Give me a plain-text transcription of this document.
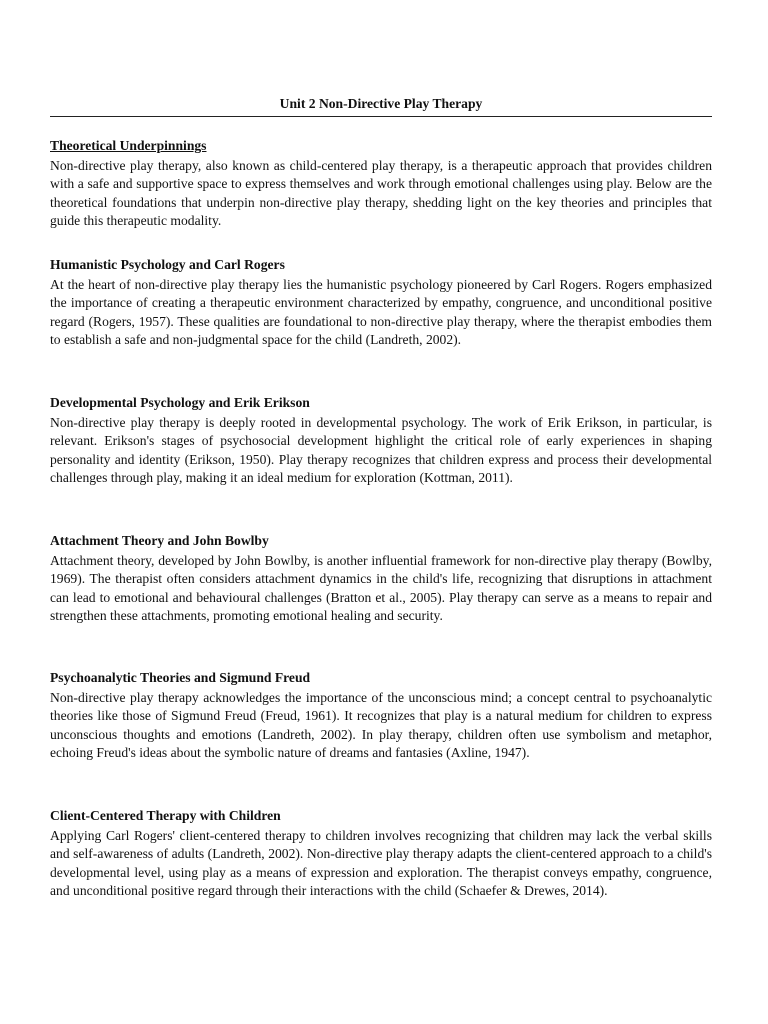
Unit 2 Non-Directive Play Therapy
Theoretical Underpinnings

Non-directive play therapy, also known as child-centered play therapy, is a therapeutic approach that provides children with a safe and supportive space to express themselves and work through emotional challenges using play. Below are the theoretical foundations that underpin non-directive play therapy, shedding light on the key theories and principles that guide this therapeutic modality.

Humanistic Psychology and Carl Rogers

At the heart of non-directive play therapy lies the humanistic psychology pioneered by Carl Rogers. Rogers emphasized the importance of creating a therapeutic environment characterized by empathy, congruence, and unconditional positive regard (Rogers, 1957). These qualities are foundational to non-directive play therapy, where the therapist embodies them to establish a safe and non-judgmental space for the child (Landreth, 2002).

Developmental Psychology and Erik Erikson

Non-directive play therapy is deeply rooted in developmental psychology. The work of Erik Erikson, in particular, is relevant. Erikson's stages of psychosocial development highlight the critical role of early experiences in shaping personality and identity (Erikson, 1950). Play therapy recognizes that children express and process their developmental challenges through play, making it an ideal medium for exploration (Kottman, 2011).

Attachment Theory and John Bowlby

Attachment theory, developed by John Bowlby, is another influential framework for non-directive play therapy (Bowlby, 1969). The therapist often considers attachment dynamics in the child's life, recognizing that disruptions in attachment can lead to emotional and behavioural challenges (Bratton et al., 2005). Play therapy can serve as a means to repair and strengthen these attachments, promoting emotional healing and security.

Psychoanalytic Theories and Sigmund Freud

Non-directive play therapy acknowledges the importance of the unconscious mind; a concept central to psychoanalytic theories like those of Sigmund Freud (Freud, 1961). It recognizes that play is a natural medium for children to express unconscious thoughts and emotions (Landreth, 2002). In play therapy, children often use symbolism and metaphor, echoing Freud's ideas about the symbolic nature of dreams and fantasies (Axline, 1947).

Client-Centered Therapy with Children

Applying Carl Rogers' client-centered therapy to children involves recognizing that children may lack the verbal skills and self-awareness of adults (Landreth, 2002). Non-directive play therapy adapts the client-centered approach to a child's developmental level, using play as a means of expression and exploration. The therapist conveys empathy, congruence, and unconditional positive regard through their interactions with the child (Schaefer & Drewes, 2014).
